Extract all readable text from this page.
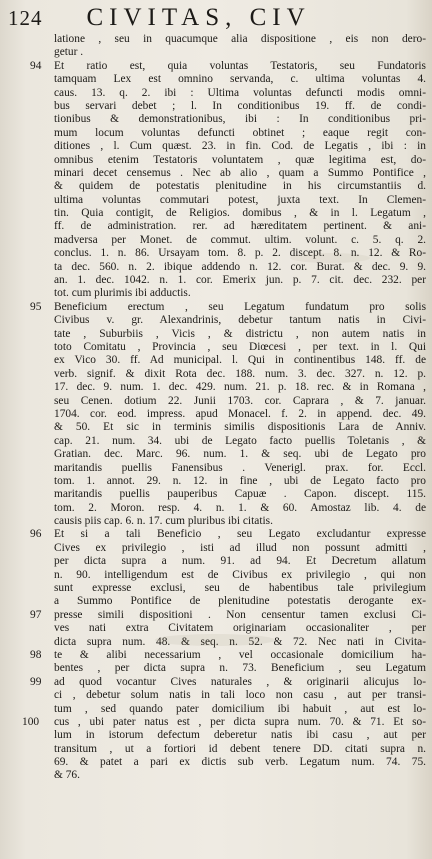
124 CIVITAS, CIV
latione , seu in quacumque alia dispositione , eis non dero-
getur .
94	Et ratio est, quia voluntas Testatoris, seu Fundatoris
tamquam Lex est omnino servanda, c. ultima voluntas 4.
caus. 13. q. 2. ibi : Ultima voluntas defuncti modis omni-
bus servari debet ; l. In conditionibus 19. ff. de condi-
tionibus & demonstrationibus, ibi : In conditionibus pri-
mum locum voluntas defuncti obtinet ; eaque regit con-
ditiones , l. Cum quæst. 23. in fin. Cod. de Legatis , ibi : in
omnibus etenim Testatoris voluntatem , quæ legitima est, do-
minari decet censemus . Nec ab alio , quam a Summo Pontifice ,
& quidem de potestatis plenitudine in his circumstantiis d.
ultima voluntas commutari potest, juxta text. In Clemen-
tin. Quia contigit, de Religios. domibus , & in l. Legatum ,
ff. de administration. rer. ad hæreditatem pertinent. & ani-
madversa per Monet. de commut. ultim. volunt. c. 5. q. 2.
conclus. 1. n. 86. Ursayam tom. 8. p. 2. discept. 8. n. 12. & Ro-
ta dec. 560. n. 2. ibique addendo n. 12. cor. Burat. & dec. 9. 9.
an. 1. dec. 1042. n. 1. cor. Emerix jun. p. 7. cit. dec. 232. per
tot. cum plurimis ibi adductis.
95	Beneficium erectum , seu Legatum fundatum pro solis
Civibus v. gr. Alexandrinis, debetur tantum natis in Civi-
tate , Suburbiis , Vicis , & districtu , non autem natis in
toto Comitatu , Provincia , seu Diœcesi , per text. in l. Qui
ex Vico 30. ff. Ad municipal. l. Qui in continentibus 148. ff. de
verb. signif. & dixit Rota dec. 188. num. 3. dec. 327. n. 12. p.
17. dec. 9. num. 1. dec. 429. num. 21. p. 18. rec. & in Romana ,
seu Cenen. dotium 22. Junii 1703. cor. Caprara , & 7. januar.
1704. cor. eod. impress. apud Monacel. f. 2. in append. dec. 49.
& 50. Et sic in terminis similis dispositionis Lara de Anniv.
cap. 21. num. 34. ubi de Legato facto puellis Toletanis , &
Gratian. dec. Marc. 96. num. 1. & seq. ubi de Legato pro
maritandis puellis Fanensibus . Venerigl. prax. for. Eccl.
tom. 1. annot. 29. n. 12. in fine , ubi de Legato facto pro
maritandis puellis pauperibus Capuæ . Capon. discept. 115.
tom. 2. Moron. resp. 4. n. 1. & 60. Amostaz lib. 4. de
causis piis cap. 6. n. 17. cum pluribus ibi citatis.
96	Et si a tali Beneficio , seu Legato excludantur expresse
Cives ex privilegio , isti ad illud non possunt admitti ,
per dicta supra a num. 91. ad 94. Et Decretum allatum
n. 90. intelligendum est de Civibus ex privilegio , qui non
sunt expresse exclusi, seu de habentibus tale privilegium
a Summo Pontifice de plenitudine potestatis derogante ex-
97	presse simili dispositioni . Non censentur tamen exclusi Ci-
ves nati extra Civitatem originariam occasionaliter , per
dicta supra num. 48. & seq. n. 52. & 72. Nec nati in Civita-
98	te & alibi necessarium , vel occasionale domicilium ha-
bentes , per dicta supra n. 73. Beneficium , seu Legatum
99	ad quod vocantur Cives naturales , & originarii alicujus lo-
ci , debetur solum natis in tali loco non casu , aut per transi-
tum , sed quando pater domicilium ibi habuit , aut est lo-
100	cus , ubi pater natus est , per dicta supra num. 70. & 71. Et so-
lum in istorum defectum deberetur natis ibi casu , aut per
transitum , ut a fortiori id debent tenere DD. citati supra n.
69. & patet a pari ex dictis sub verb. Legatum num. 74. 75.
& 76.
